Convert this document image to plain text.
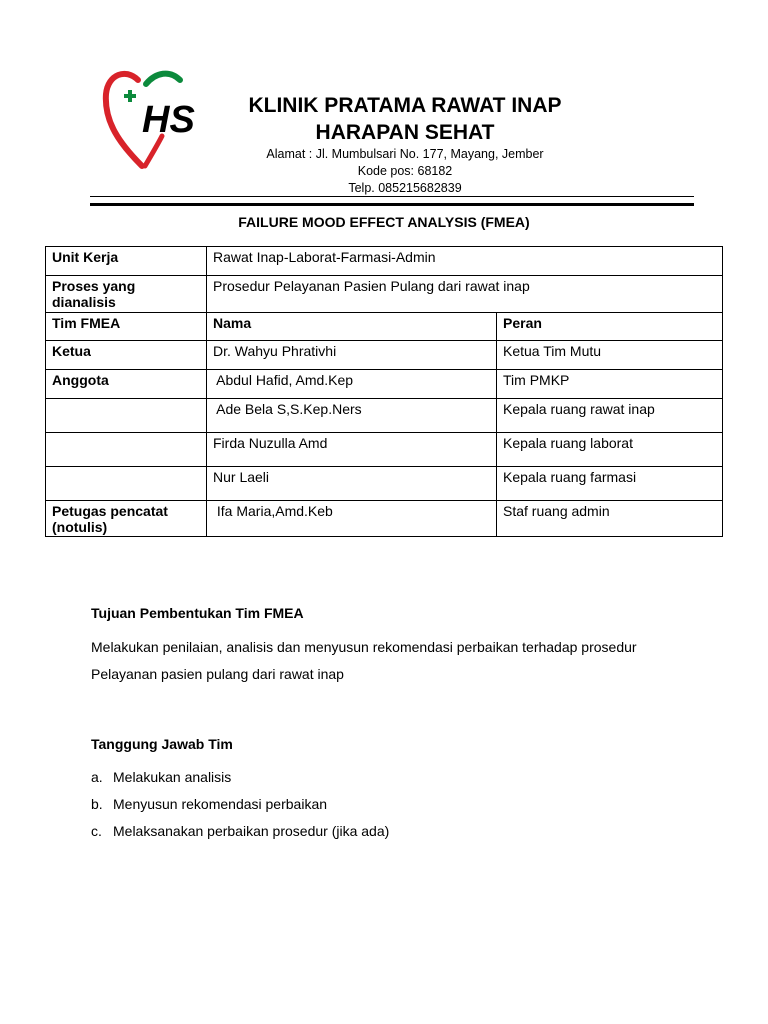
HS	KLINIK PRATAMA RAWAT INAP
HARAPAN SEHAT
Alamat : Jl. Mumbulsari No. 177, Mayang, Jember
Kode pos: 68182
Telp. 085215682839
FAILURE MOOD EFFECT ANALYSIS (FMEA)
Unit Kerja	Rawat Inap-Laborat-Farmasi-Admin	
Proses yang dianalisis	Prosedur Pelayanan Pasien Pulang dari rawat inap	
Tim FMEA	Nama	Peran
Ketua	Dr. Wahyu Phrativhi	Ketua Tim Mutu
Anggota	Abdul Hafid, Amd.Kep	Tim PMKP
	Ade Bela S,S.Kep.Ners	Kepala ruang rawat inap
	Firda Nuzulla Amd	Kepala ruang laborat
	Nur Laeli	Kepala ruang farmasi
Petugas pencatat (notulis)	Ifa Maria,Amd.Keb	Staf ruang admin
Tujuan Pembentukan Tim FMEA
Melakukan penilaian, analisis dan menyusun rekomendasi perbaikan terhadap prosedur
Pelayanan pasien pulang dari rawat inap
Tanggung Jawab Tim
a. Melakukan analisis
b. Menyusun rekomendasi perbaikan
c. Melaksanakan perbaikan prosedur (jika ada)
